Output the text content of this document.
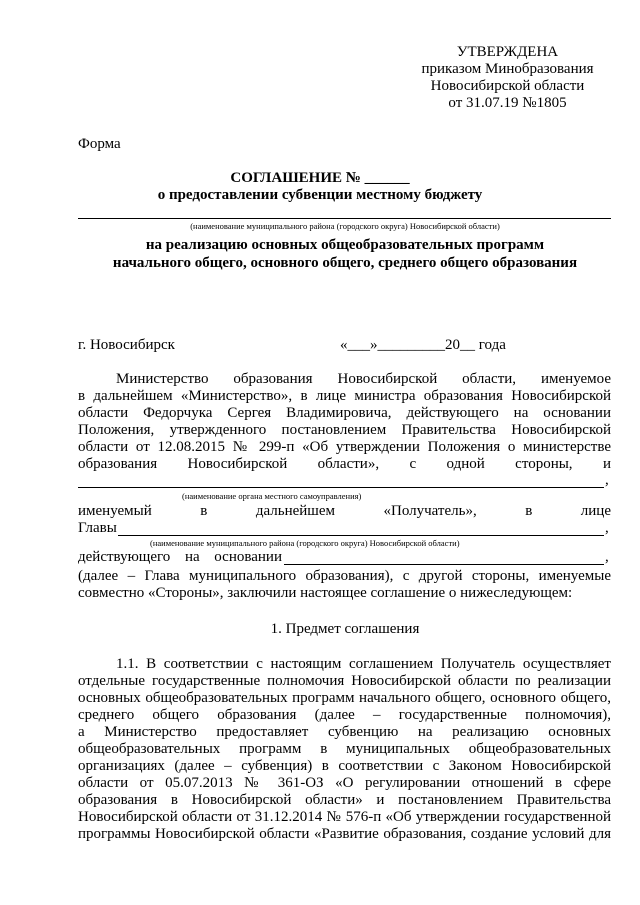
УТВЕРЖДЕНА
приказом Минобразования
Новосибирской области
от 31.07.19 №1805
Форма
СОГЛАШЕНИЕ № ______
о предоставлении субвенции местному бюджету
(наименование муниципального района (городского округа) Новосибирской области)
на реализацию основных общеобразовательных программ
начального общего, основного общего, среднего общего образования
г. Новосибирск	«___»_________20__ года
Министерство образования Новосибирской области, именуемое
в дальнейшем «Министерство», в лице министра образования Новосибирской
области Федорчука Сергея Владимировича, действующего на основании
Положения, утвержденного постановлением Правительства Новосибирской
области от 12.08.2015 № 299-п «Об утверждении Положения о министерстве
образования Новосибирской области», с одной стороны, и
,
(наименование органа местного самоуправления)
именуемый в дальнейшем «Получатель», в лице
Главы	,
(наименование муниципального района (городского округа) Новосибирской области)
действующего на основании	,
(далее – Глава муниципального образования), с другой стороны, именуемые
совместно «Стороны», заключили настоящее соглашение о нижеследующем:
1. Предмет соглашения
1.1. В соответствии с настоящим соглашением Получатель осуществляет
отдельные государственные полномочия Новосибирской области по реализации
основных общеобразовательных программ начального общего, основного общего,
среднего общего образования (далее – государственные полномочия),
а Министерство предоставляет субвенцию на реализацию основных
общеобразовательных программ в муниципальных общеобразовательных
организациях (далее – субвенция) в соответствии с Законом Новосибирской
области от 05.07.2013 № 361-ОЗ «О регулировании отношений в сфере
образования в Новосибирской области» и постановлением Правительства
Новосибирской области от 31.12.2014 № 576-п «Об утверждении государственной
программы Новосибирской области «Развитие образования, создание условий для
